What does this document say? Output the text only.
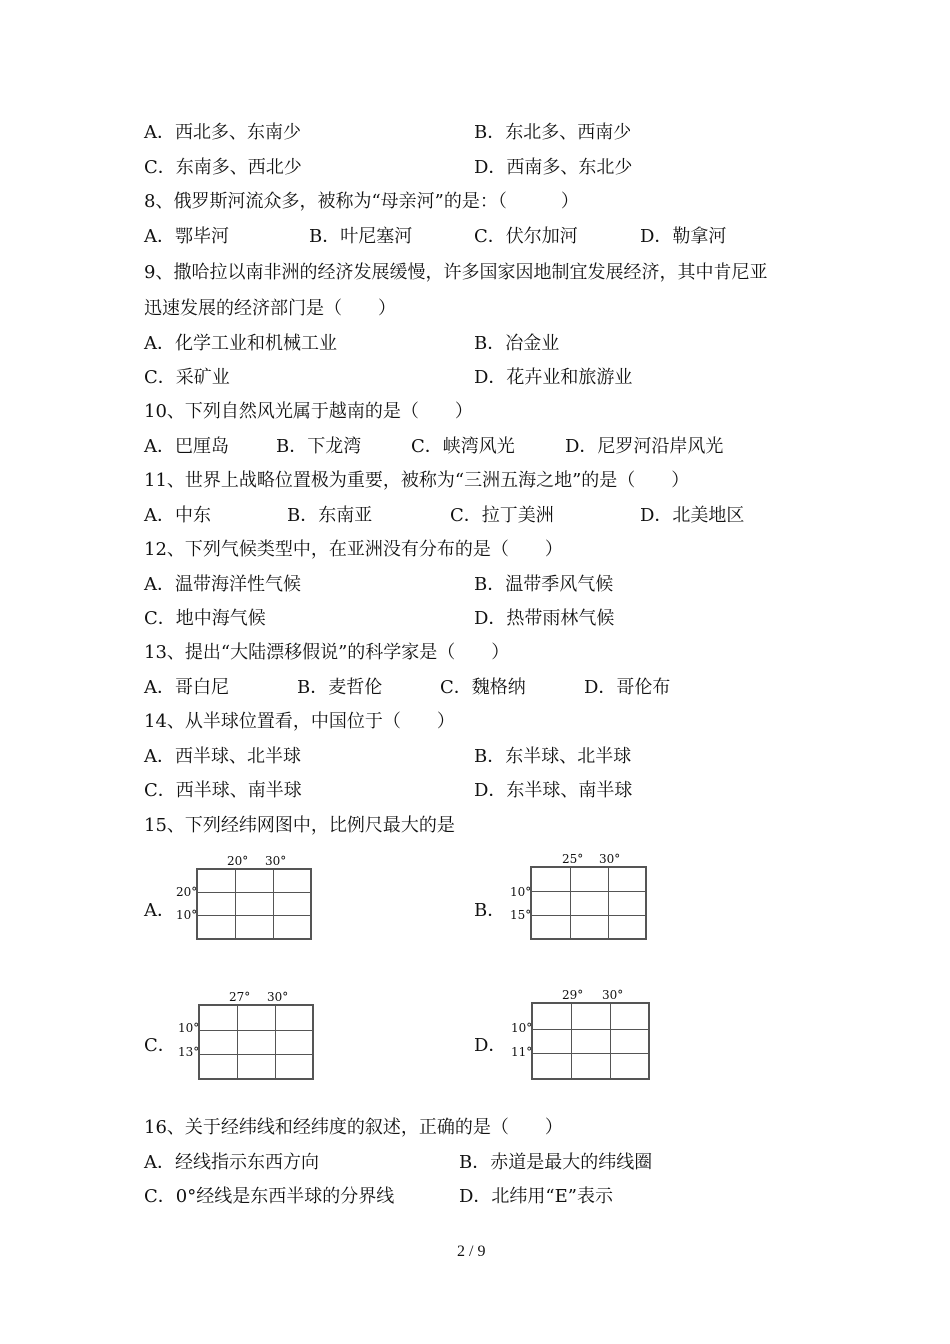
A．西北多、东南少	B．东北多、西南少
C．东南多、西北少	D．西南多、东北少
8、俄罗斯河流众多，被称为“母亲河”的是：（　　　）
A．鄂毕河	B．叶尼塞河	C．伏尔加河	D．勒拿河
9、撒哈拉以南非洲的经济发展缓慢，许多国家因地制宜发展经济，其中肯尼亚
迅速发展的经济部门是（　　）
A．化学工业和机械工业	B．冶金业
C．采矿业	D．花卉业和旅游业
10、下列自然风光属于越南的是（　　）
A．巴厘岛	B．下龙湾	C．峡湾风光	D．尼罗河沿岸风光
11、世界上战略位置极为重要，被称为“三洲五海之地”的是（　　）
A．中东	B．东南亚	C．拉丁美洲	D．北美地区
12、下列气候类型中，在亚洲没有分布的是（　　）
A．温带海洋性气候	B．温带季风气候
C．地中海气候	D．热带雨林气候
13、提出“大陆漂移假说”的科学家是（　　）
A．哥白尼	B．麦哲伦	C．魏格纳	D．哥伦布
14、从半球位置看，中国位于（　　）
A．西半球、北半球	B．东半球、北半球
C．西半球、南半球	D．东半球、南半球
15、下列经纬网图中，比例尺最大的是
A．
20° 30°
20°
10°	B．
25° 30°
10°
15°
C．
27° 30°
10°
13°	D．
29° 30°
10°
11°
16、关于经纬线和经纬度的叙述，正确的是（　　）
A．经线指示东西方向	B．赤道是最大的纬线圈
C．0°经线是东西半球的分界线	D．北纬用“E”表示
2 / 9
